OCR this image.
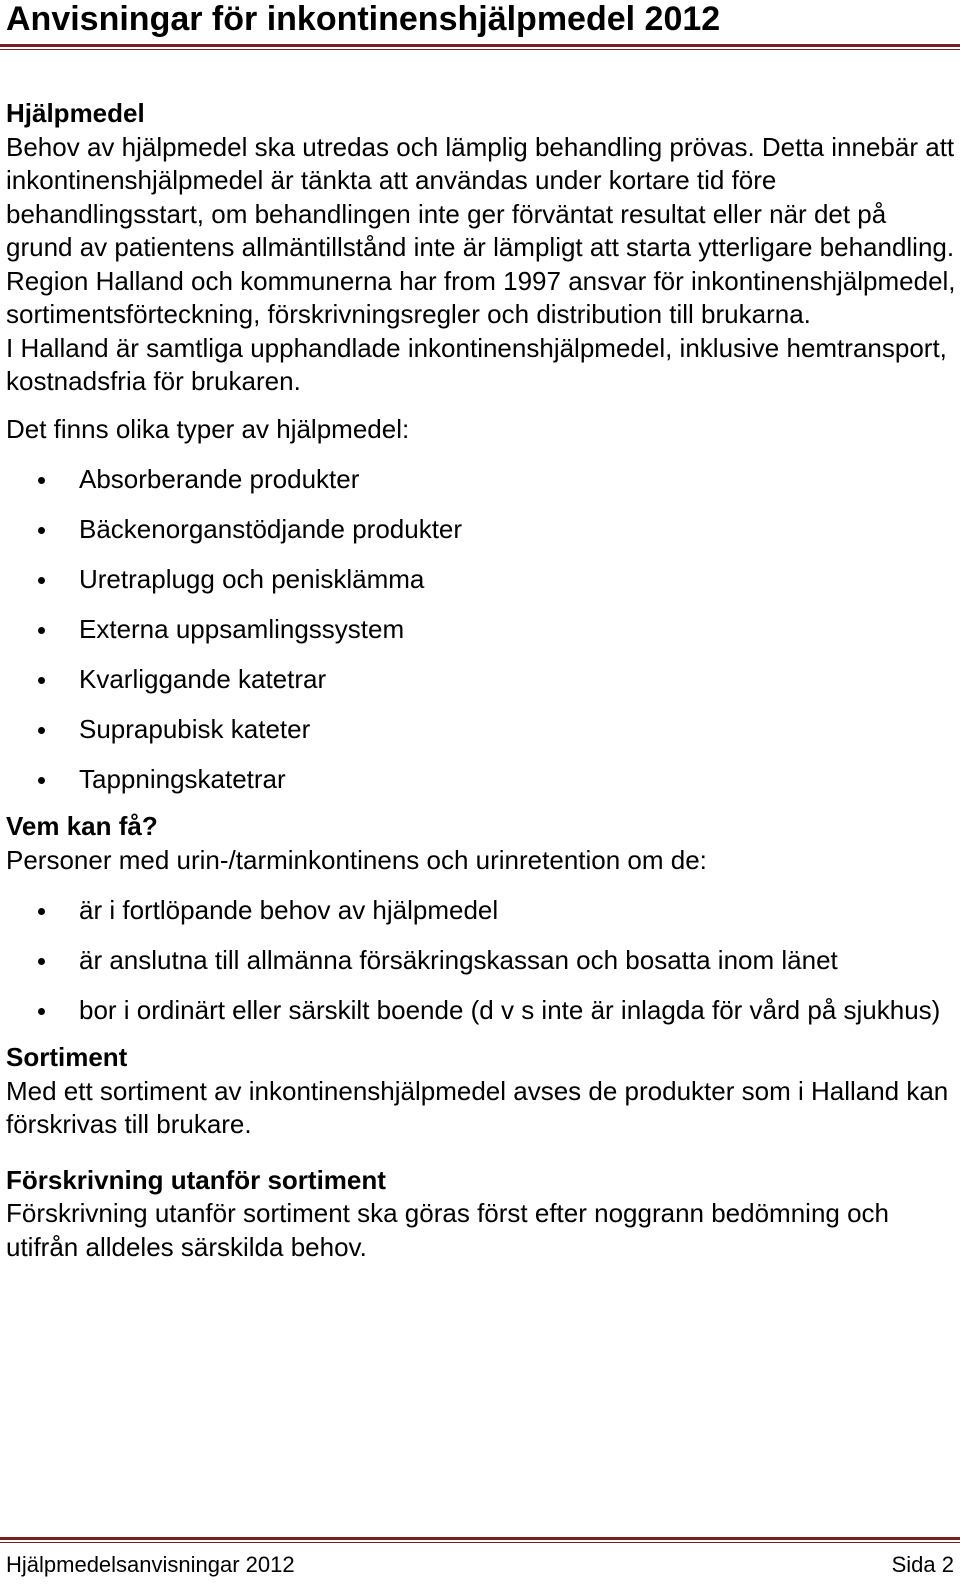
Anvisningar för inkontinenshjälpmedel 2012

Hjälpmedel

Behov av hjälpmedel ska utredas och lämplig behandling prövas. Detta innebär att inkontinenshjälpmedel är tänkta att användas under kortare tid före behandlingsstart, om behandlingen inte ger förväntat resultat eller när det på grund av patientens allmäntillstånd inte är lämpligt att starta ytterligare behandling.

Region Halland och kommunerna har from 1997 ansvar för inkontinenshjälpmedel, sortimentsförteckning, förskrivningsregler och distribution till brukarna.

I Halland är samtliga upphandlade inkontinenshjälpmedel, inklusive hemtransport, kostnadsfria för brukaren.

Det finns olika typer av hjälpmedel:

Absorberande produkter
Bäckenorganstödjande produkter
Uretraplugg och penisklämma
Externa uppsamlingssystem
Kvarliggande katetrar
Suprapubisk kateter
Tappningskatetrar

Vem kan få?

Personer med urin-/tarminkontinens och urinretention om de:

är i fortlöpande behov av hjälpmedel
är anslutna till allmänna försäkringskassan och bosatta inom länet
bor i ordinärt eller särskilt boende (d v s inte är inlagda för vård på sjukhus)

Sortiment

Med ett sortiment av inkontinenshjälpmedel avses de produkter som i Halland kan förskrivas till brukare.

Förskrivning utanför sortiment

Förskrivning utanför sortiment ska göras först efter noggrann bedömning och utifrån alldeles särskilda behov.

Hjälpmedelsanvisningar 2012	Sida 2
